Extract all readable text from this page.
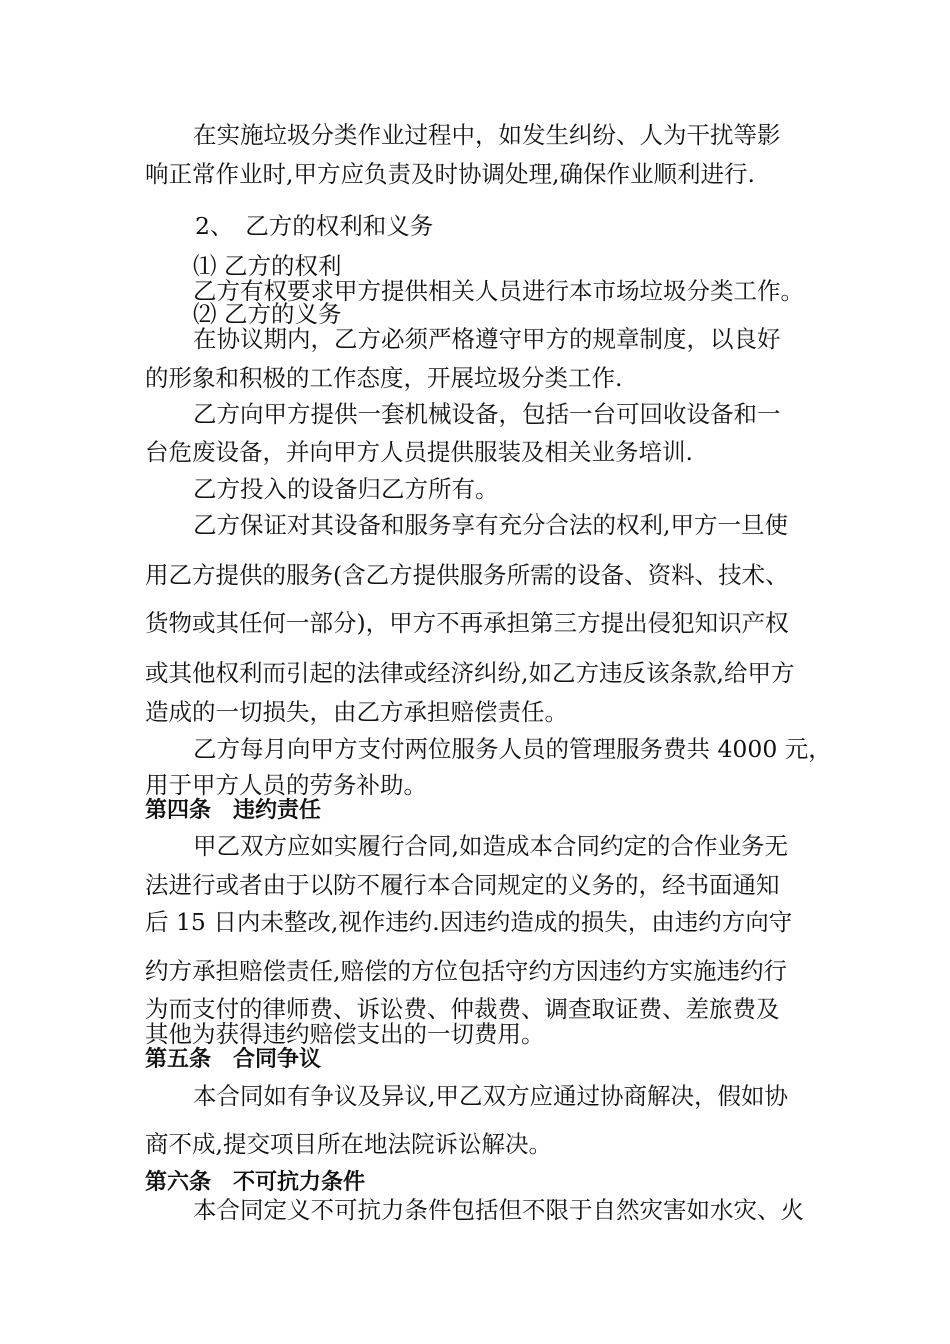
在实施垃圾分类作业过程中，如发生纠纷、人为干扰等影

响正常作业时,甲方应负责及时协调处理,确保作业顺利进行.

2、　乙方的权利和义务

⑴ 乙方的权利

乙方有权要求甲方提供相关人员进行本市场垃圾分类工作。

⑵ 乙方的义务

在协议期内，乙方必须严格遵守甲方的规章制度，以良好

的形象和积极的工作态度，开展垃圾分类工作.

乙方向甲方提供一套机械设备，包括一台可回收设备和一

台危废设备，并向甲方人员提供服装及相关业务培训.

乙方投入的设备归乙方所有。

乙方保证对其设备和服务享有充分合法的权利,甲方一旦使

用乙方提供的服务(含乙方提供服务所需的设备、资料、技术、

货物或其任何一部分)，甲方不再承担第三方提出侵犯知识产权

或其他权利而引起的法律或经济纠纷,如乙方违反该条款,给甲方

造成的一切损失，由乙方承担赔偿责任。

乙方每月向甲方支付两位服务人员的管理服务费共 4000 元，

用于甲方人员的劳务补助。

第四条　违约责任

甲乙双方应如实履行合同,如造成本合同约定的合作业务无

法进行或者由于以防不履行本合同规定的义务的，经书面通知

后 15 日内未整改,视作违约.因违约造成的损失，由违约方向守

约方承担赔偿责任,赔偿的方位包括守约方因违约方实施违约行

为而支付的律师费、诉讼费、仲裁费、调查取证费、差旅费及

其他为获得违约赔偿支出的一切费用。

第五条　合同争议

本合同如有争议及异议,甲乙双方应通过协商解决，假如协

商不成,提交项目所在地法院诉讼解决。

第六条　不可抗力条件

本合同定义不可抗力条件包括但不限于自然灾害如水灾、火
